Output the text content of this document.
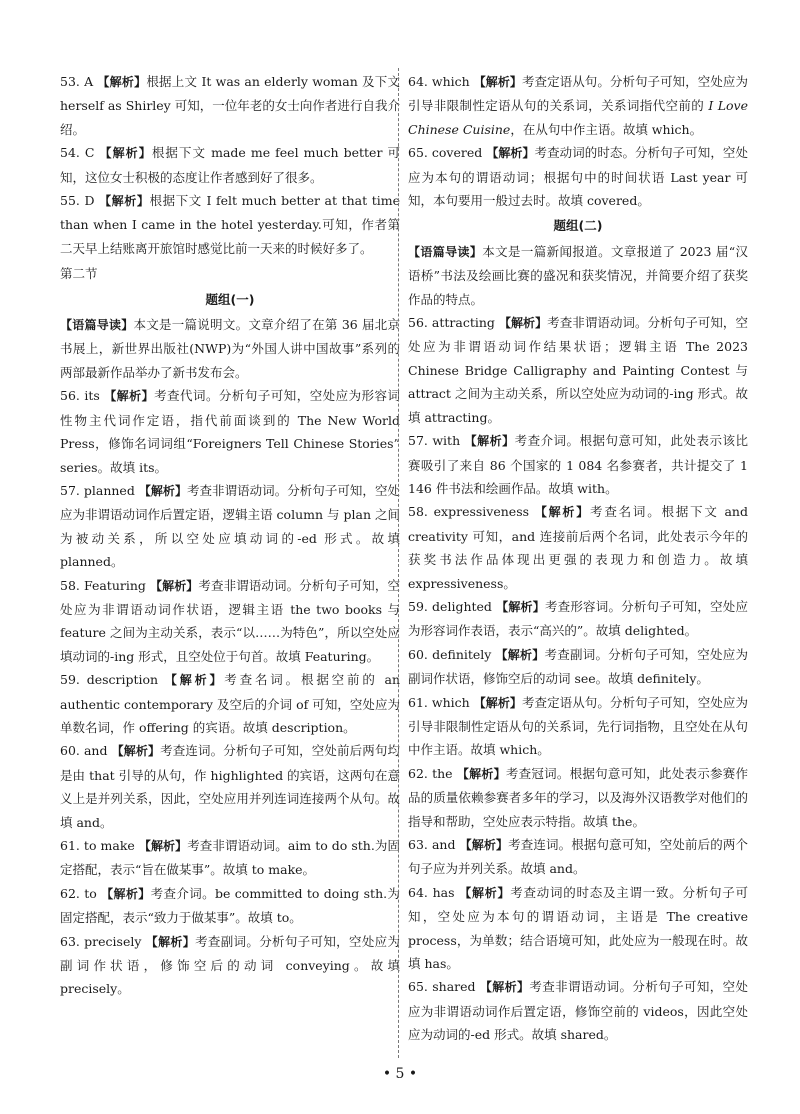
53. A 【解析】根据上文 It was an elderly woman 及下文 herself as Shirley 可知，一位年老的女士向作者进行自我介绍。

54. C 【解析】根据下文 made me feel much better 可知，这位女士积极的态度让作者感到好了很多。

55. D 【解析】根据下文 I felt much better at that time than when I came in the hotel yesterday.可知，作者第二天早上结账离开旅馆时感觉比前一天来的时候好多了。

第二节
题组(一)

【语篇导读】本文是一篇说明文。文章介绍了在第 36 届北京书展上，新世界出版社(NWP)为“外国人讲中国故事”系列的两部最新作品举办了新书发布会。

56. its 【解析】考查代词。分析句子可知，空处应为形容词性物主代词作定语，指代前面谈到的 The New World Press，修饰名词词组“Foreigners Tell Chinese Stories” series。故填 its。

57. planned 【解析】考查非谓语动词。分析句子可知，空处应为非谓语动词作后置定语，逻辑主语 column 与 plan 之间为被动关系，所以空处应填动词的-ed 形式。故填 planned。

58. Featuring 【解析】考查非谓语动词。分析句子可知，空处应为非谓语动词作状语，逻辑主语 the two books 与 feature 之间为主动关系，表示“以……为特色”，所以空处应填动词的-ing 形式，且空处位于句首。故填 Featuring。

59. description 【解析】考查名词。根据空前的 an authentic contemporary 及空后的介词 of 可知，空处应为单数名词，作 offering 的宾语。故填 description。

60. and 【解析】考查连词。分析句子可知，空处前后两句均是由 that 引导的从句，作 highlighted 的宾语，这两句在意义上是并列关系，因此，空处应用并列连词连接两个从句。故填 and。

61. to make 【解析】考查非谓语动词。aim to do sth.为固定搭配，表示“旨在做某事”。故填 to make。

62. to 【解析】考查介词。be committed to doing sth.为固定搭配，表示“致力于做某事”。故填 to。

63. precisely 【解析】考查副词。分析句子可知，空处应为副词作状语，修饰空后的动词 conveying。故填 precisely。

64. which 【解析】考查定语从句。分析句子可知，空处应为引导非限制性定语从句的关系词，关系词指代空前的 I Love Chinese Cuisine，在从句中作主语。故填 which。

65. covered 【解析】考查动词的时态。分析句子可知，空处应为本句的谓语动词；根据句中的时间状语 Last year 可知，本句要用一般过去时。故填 covered。

题组(二)

【语篇导读】本文是一篇新闻报道。文章报道了 2023 届“汉语桥”书法及绘画比赛的盛况和获奖情况，并简要介绍了获奖作品的特点。

56. attracting 【解析】考查非谓语动词。分析句子可知，空处应为非谓语动词作结果状语；逻辑主语 The 2023 Chinese Bridge Calligraphy and Painting Contest 与 attract 之间为主动关系，所以空处应为动词的-ing 形式。故填 attracting。

57. with 【解析】考查介词。根据句意可知，此处表示该比赛吸引了来自 86 个国家的 1 084 名参赛者，共计提交了 1 146 件书法和绘画作品。故填 with。

58. expressiveness 【解析】考查名词。根据下文 and creativity 可知，and 连接前后两个名词，此处表示今年的获奖书法作品体现出更强的表现力和创造力。故填 expressiveness。

59. delighted 【解析】考查形容词。分析句子可知，空处应为形容词作表语，表示“高兴的”。故填 delighted。

60. definitely 【解析】考查副词。分析句子可知，空处应为副词作状语，修饰空后的动词 see。故填 definitely。

61. which 【解析】考查定语从句。分析句子可知，空处应为引导非限制性定语从句的关系词，先行词指物，且空处在从句中作主语。故填 which。

62. the 【解析】考查冠词。根据句意可知，此处表示参赛作品的质量依赖参赛者多年的学习，以及海外汉语教学对他们的指导和帮助，空处应表示特指。故填 the。

63. and 【解析】考查连词。根据句意可知，空处前后的两个句子应为并列关系。故填 and。

64. has 【解析】考查动词的时态及主谓一致。分析句子可知，空处应为本句的谓语动词，主语是 The creative process，为单数；结合语境可知，此处应为一般现在时。故填 has。

65. shared 【解析】考查非谓语动词。分析句子可知，空处应为非谓语动词作后置定语，修饰空前的 videos，因此空处应为动词的-ed 形式。故填 shared。

• 5 •
